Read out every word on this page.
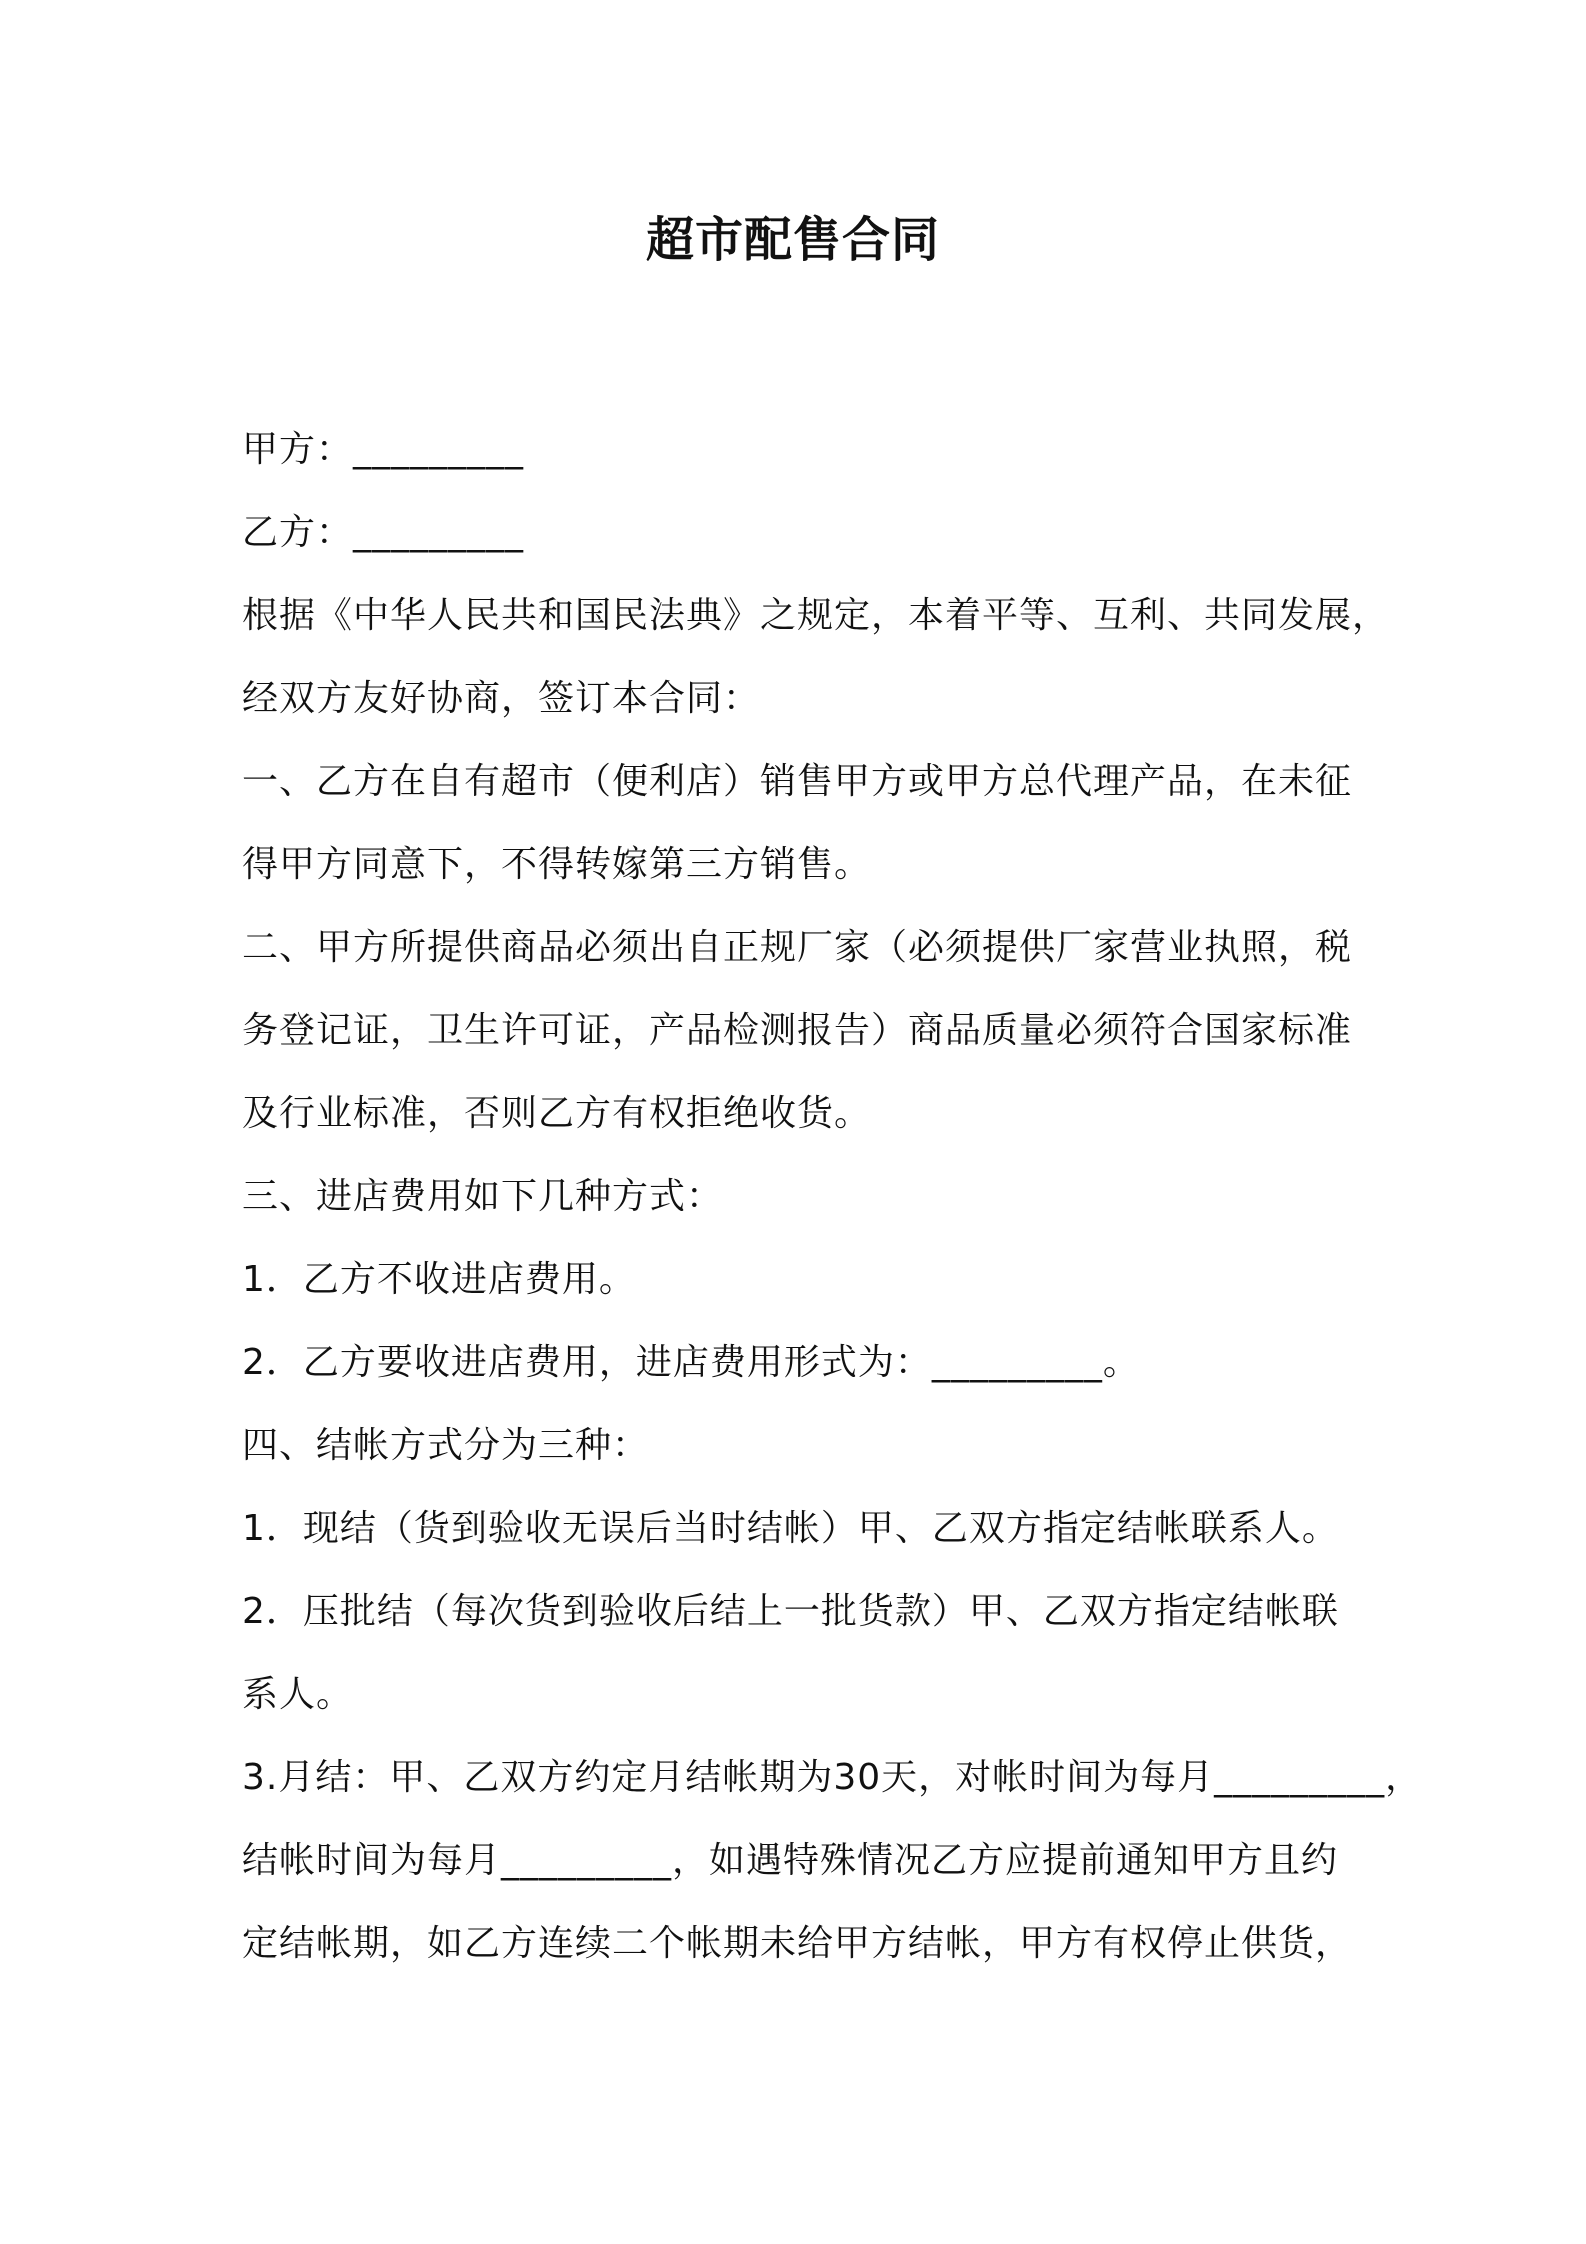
超市配售合同
甲方：_________
乙方：_________
根据《中华人民共和国民法典》之规定，本着平等、互利、共同发展，
经双方友好协商，签订本合同：
一、乙方在自有超市（便利店）销售甲方或甲方总代理产品，在未征
得甲方同意下，不得转嫁第三方销售。
二、甲方所提供商品必须出自正规厂家（必须提供厂家营业执照，税
务登记证，卫生许可证，产品检测报告）商品质量必须符合国家标准
及行业标准，否则乙方有权拒绝收货。
三、进店费用如下几种方式：
1．乙方不收进店费用。
2．乙方要收进店费用，进店费用形式为：_________。
四、结帐方式分为三种：
1．现结（货到验收无误后当时结帐）甲、乙双方指定结帐联系人。
2．压批结（每次货到验收后结上一批货款）甲、乙双方指定结帐联
系人。
3.月结：甲、乙双方约定月结帐期为30天，对帐时间为每月_________，
结帐时间为每月_________，如遇特殊情况乙方应提前通知甲方且约
定结帐期，如乙方连续二个帐期未给甲方结帐，甲方有权停止供货，
